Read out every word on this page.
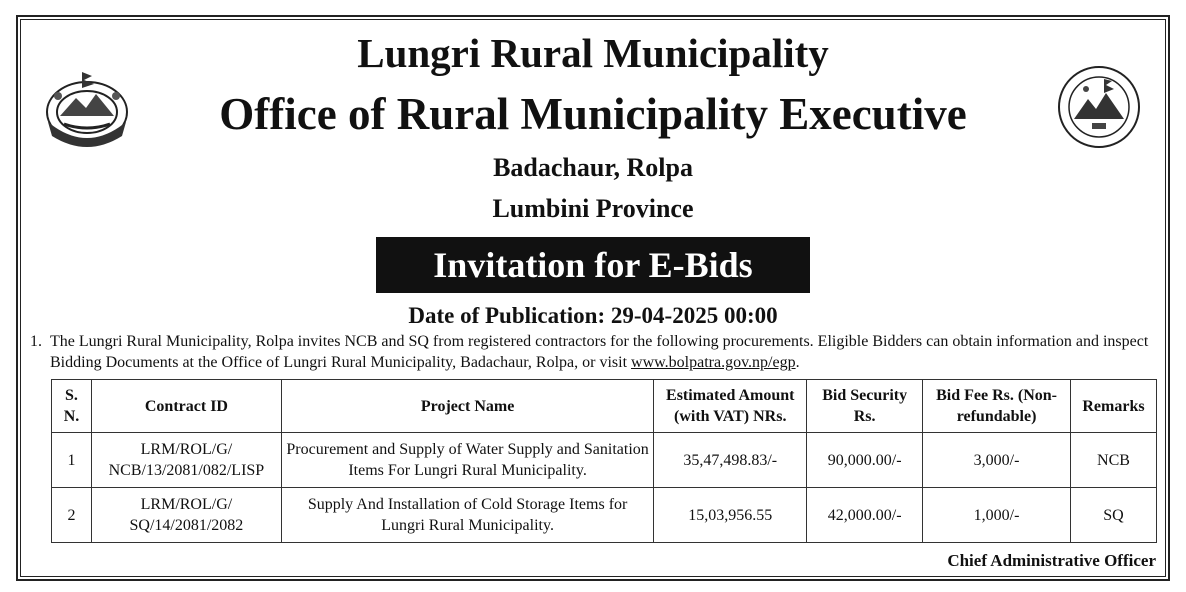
Lungri Rural Municipality
Office of Rural Municipality Executive
Badachaur, Rolpa
Lumbini Province
Invitation for E-Bids
Date of Publication: 29-04-2025 00:00
1. The Lungri Rural Municipality, Rolpa invites NCB and SQ from registered contractors for the following procurements. Eligible Bidders can obtain information and inspect Bidding Documents at the Office of Lungri Rural Municipality, Badachaur, Rolpa, or visit www.bolpatra.gov.np/egp.
S. N.	Contract ID	Project Name	Estimated Amount (with VAT) NRs.	Bid Security Rs.	Bid Fee Rs. (Non-refundable)	Remarks
1	LRM/ROL/G/ NCB/13/2081/082/LISP	Procurement and Supply of Water Supply and Sanitation Items For Lungri Rural Municipality.	35,47,498.83/-	90,000.00/-	3,000/-	NCB
2	LRM/ROL/G/ SQ/14/2081/2082	Supply And Installation of Cold Storage Items for Lungri Rural Municipality.	15,03,956.55	42,000.00/-	1,000/-	SQ
Chief Administrative Officer
